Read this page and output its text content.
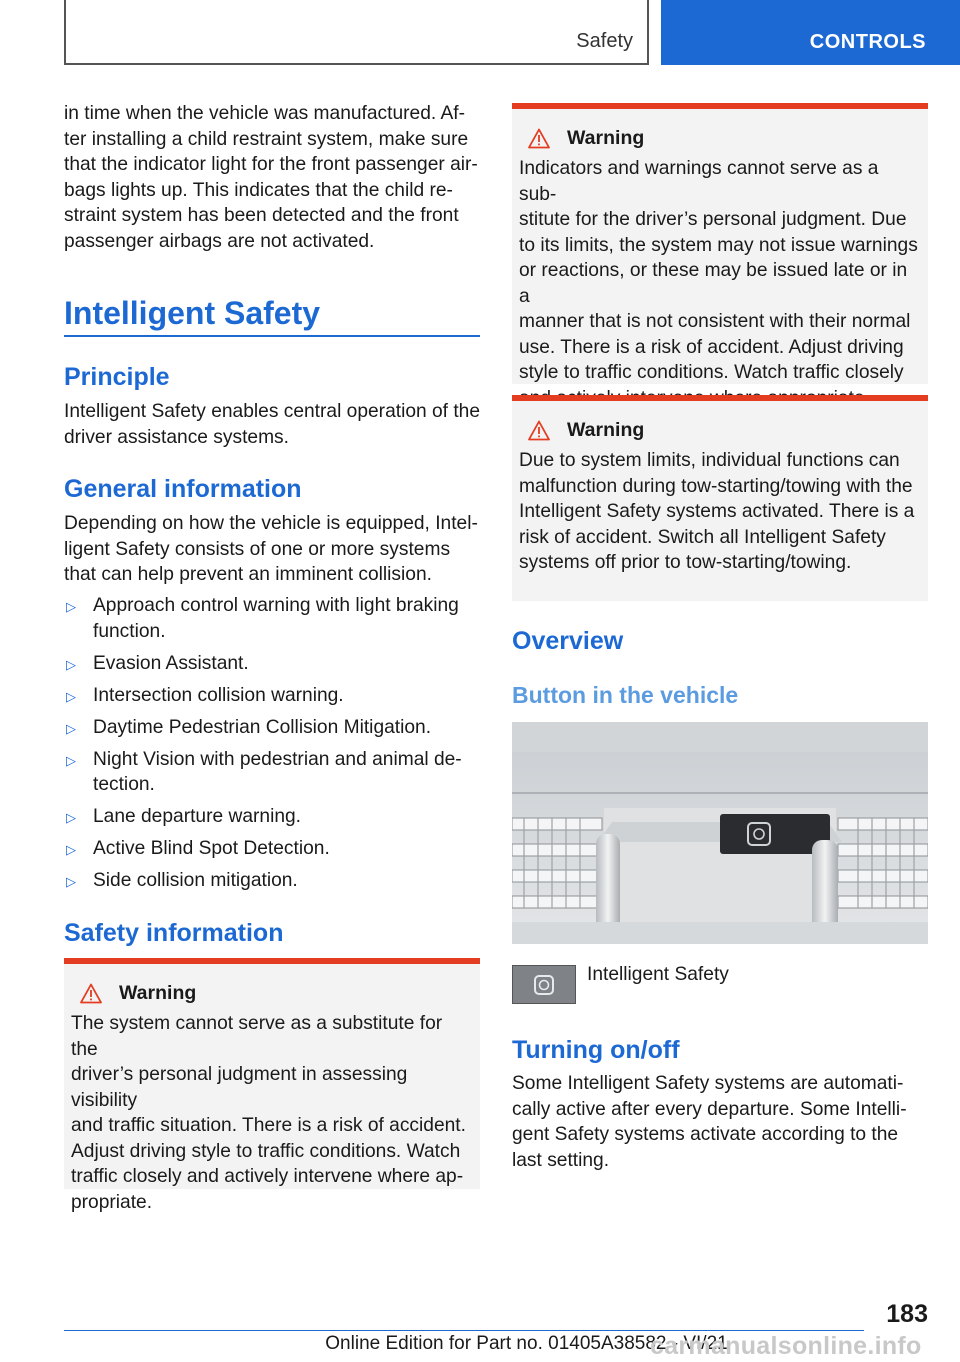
Safety	CONTROLS
in time when the vehicle was manufactured. Af-
ter installing a child restraint system, make sure
that the indicator light for the front passenger air-
bags lights up. This indicates that the child re-
straint system has been detected and the front
passenger airbags are not activated.
Intelligent Safety
Principle
Intelligent Safety enables central operation of the
driver assistance systems.
General information
Depending on how the vehicle is equipped, Intel-
ligent Safety consists of one or more systems
that can help prevent an imminent collision.
▷ Approach control warning with light braking
function.
▷ Evasion Assistant.
▷ Intersection collision warning.
▷ Daytime Pedestrian Collision Mitigation.
▷ Night Vision with pedestrian and animal de-
tection.
▷ Lane departure warning.
▷ Active Blind Spot Detection.
▷ Side collision mitigation.
Safety information
Warning
The system cannot serve as a substitute for the
driver’s personal judgment in assessing visibility
and traffic situation. There is a risk of accident.
Adjust driving style to traffic conditions. Watch
traffic closely and actively intervene where ap-
propriate.
Warning
Indicators and warnings cannot serve as a sub-
stitute for the driver’s personal judgment. Due
to its limits, the system may not issue warnings
or reactions, or these may be issued late or in a
manner that is not consistent with their normal
use. There is a risk of accident. Adjust driving
style to traffic conditions. Watch traffic closely
Warning
Due to system limits, individual functions can
malfunction during tow-starting/towing with the
Intelligent Safety systems activated. There is a
risk of accident. Switch all Intelligent Safety
systems off prior to tow-starting/towing.
Overview
Button in the vehicle
Intelligent Safety
Turning on/off
Some Intelligent Safety systems are automati-
cally active after every departure. Some Intelli-
gent Safety systems activate according to the
last setting.
183
Online Edition for Part no. 01405A38582 - VI/21
carmanualsonline.info
